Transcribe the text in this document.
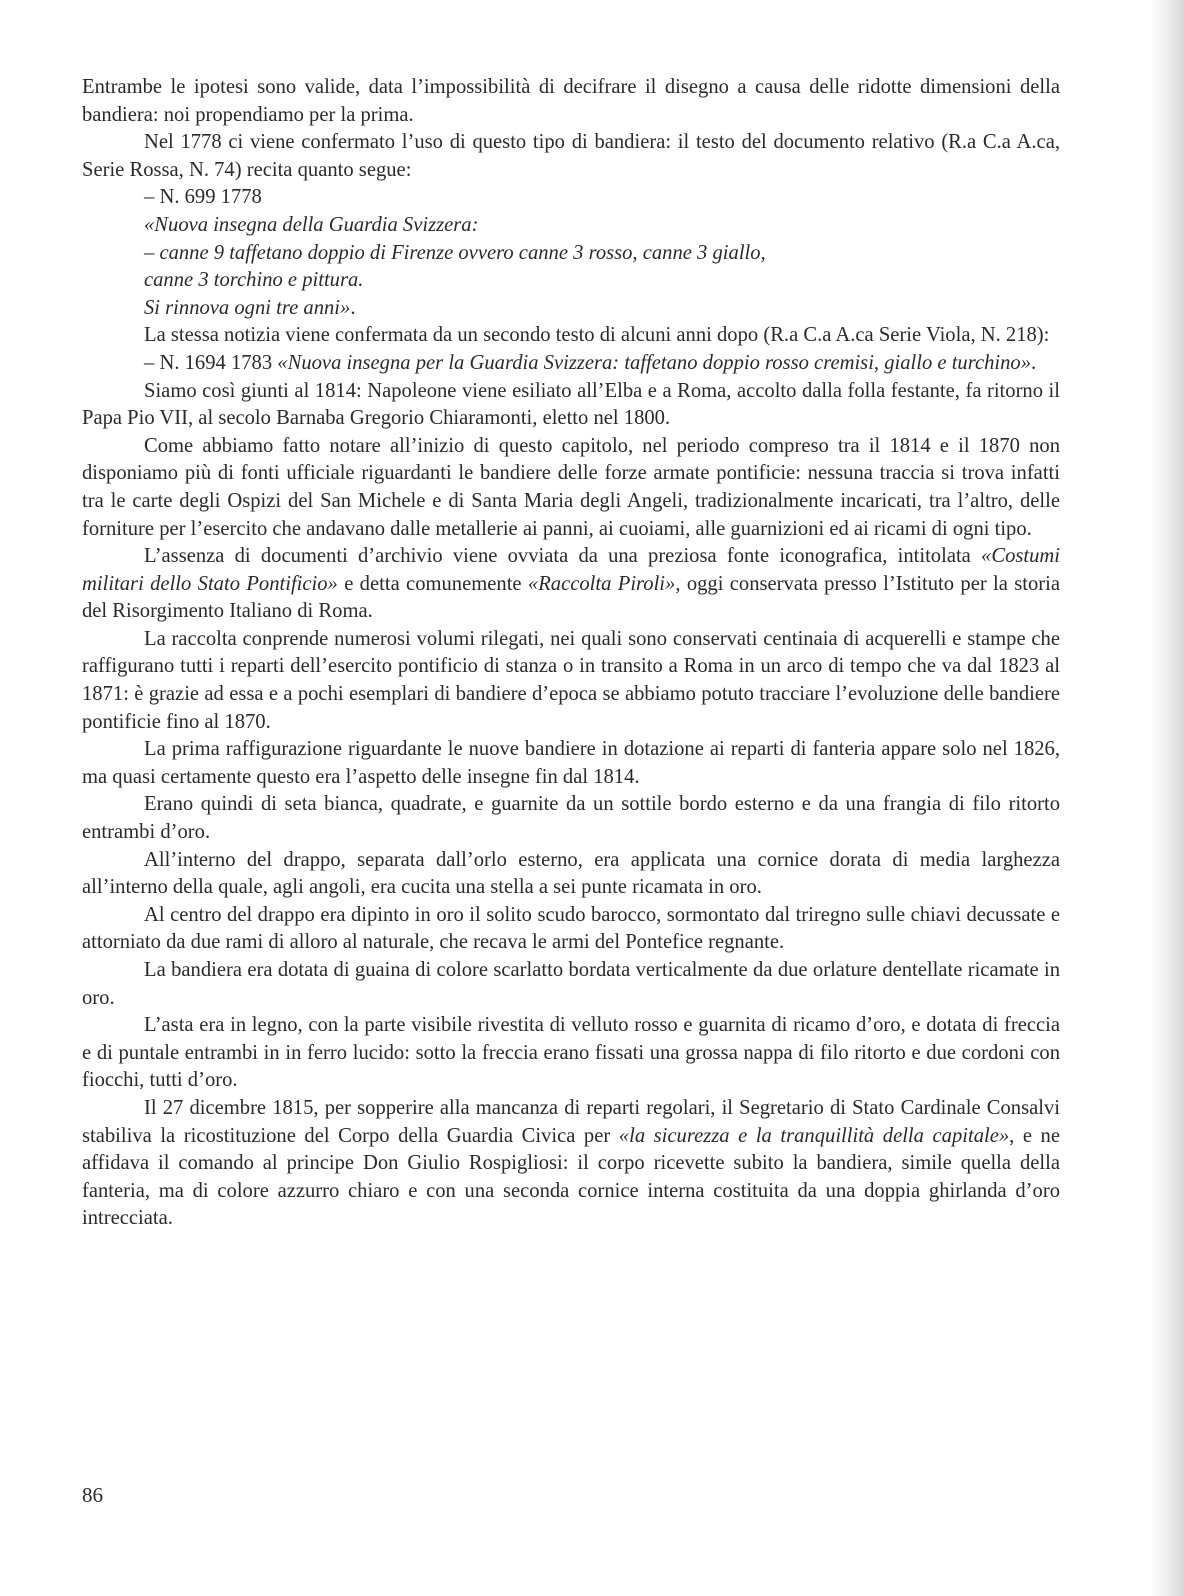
Entrambe le ipotesi sono valide, data l’impossibilità di decifrare il disegno a causa delle ridotte dimensioni della bandiera: noi propendiamo per la prima.

Nel 1778 ci viene confermato l’uso di questo tipo di bandiera: il testo del documento relativo (R.a C.a A.ca, Serie Rossa, N. 74) recita quanto segue:

– N. 699 1778

«Nuova insegna della Guardia Svizzera:

– canne 9 taffetano doppio di Firenze ovvero canne 3 rosso, canne 3 giallo,

canne 3 torchino e pittura.

Si rinnova ogni tre anni».

La stessa notizia viene confermata da un secondo testo di alcuni anni dopo (R.a C.a A.ca Serie Viola, N. 218):

– N. 1694 1783 «Nuova insegna per la Guardia Svizzera: taffetano doppio rosso cremisi, giallo e turchino».

Siamo così giunti al 1814: Napoleone viene esiliato all’Elba e a Roma, accolto dalla folla festante, fa ritorno il Papa Pio VII, al secolo Barnaba Gregorio Chiaramonti, eletto nel 1800.

Come abbiamo fatto notare all’inizio di questo capitolo, nel periodo compreso tra il 1814 e il 1870 non disponiamo più di fonti ufficiale riguardanti le bandiere delle forze armate pontificie: nessuna traccia si trova infatti tra le carte degli Ospizi del San Michele e di Santa Maria degli Angeli, tradizionalmente incaricati, tra l’altro, delle forniture per l’esercito che andavano dalle metallerie ai panni, ai cuoiami, alle guarnizioni ed ai ricami di ogni tipo.

L’assenza di documenti d’archivio viene ovviata da una preziosa fonte iconografica, intitolata «Costumi militari dello Stato Pontificio» e detta comunemente «Raccolta Piroli», oggi conservata presso l’Istituto per la storia del Risorgimento Italiano di Roma.

La raccolta conprende numerosi volumi rilegati, nei quali sono conservati centinaia di acquerelli e stampe che raffigurano tutti i reparti dell’esercito pontificio di stanza o in transito a Roma in un arco di tempo che va dal 1823 al 1871: è grazie ad essa e a pochi esemplari di bandiere d’epoca se abbiamo potuto tracciare l’evoluzione delle bandiere pontificie fino al 1870.

La prima raffigurazione riguardante le nuove bandiere in dotazione ai reparti di fanteria appare solo nel 1826, ma quasi certamente questo era l’aspetto delle insegne fin dal 1814.

Erano quindi di seta bianca, quadrate, e guarnite da un sottile bordo esterno e da una frangia di filo ritorto entrambi d’oro.

All’interno del drappo, separata dall’orlo esterno, era applicata una cornice dorata di media larghezza all’interno della quale, agli angoli, era cucita una stella a sei punte ricamata in oro.

Al centro del drappo era dipinto in oro il solito scudo barocco, sormontato dal triregno sulle chiavi decussate e attorniato da due rami di alloro al naturale, che recava le armi del Pontefice regnante.

La bandiera era dotata di guaina di colore scarlatto bordata verticalmente da due orlature dentellate ricamate in oro.

L’asta era in legno, con la parte visibile rivestita di velluto rosso e guarnita di ricamo d’oro, e dotata di freccia e di puntale entrambi in in ferro lucido: sotto la freccia erano fissati una grossa nappa di filo ritorto e due cordoni con fiocchi, tutti d’oro.

Il 27 dicembre 1815, per sopperire alla mancanza di reparti regolari, il Segretario di Stato Cardinale Consalvi stabiliva la ricostituzione del Corpo della Guardia Civica per «la sicurezza e la tranquillità della capitale», e ne affidava il comando al principe Don Giulio Rospigliosi: il corpo ricevette subito la bandiera, simile quella della fanteria, ma di colore azzurro chiaro e con una seconda cornice interna costituita da una doppia ghirlanda d’oro intrecciata.

86
